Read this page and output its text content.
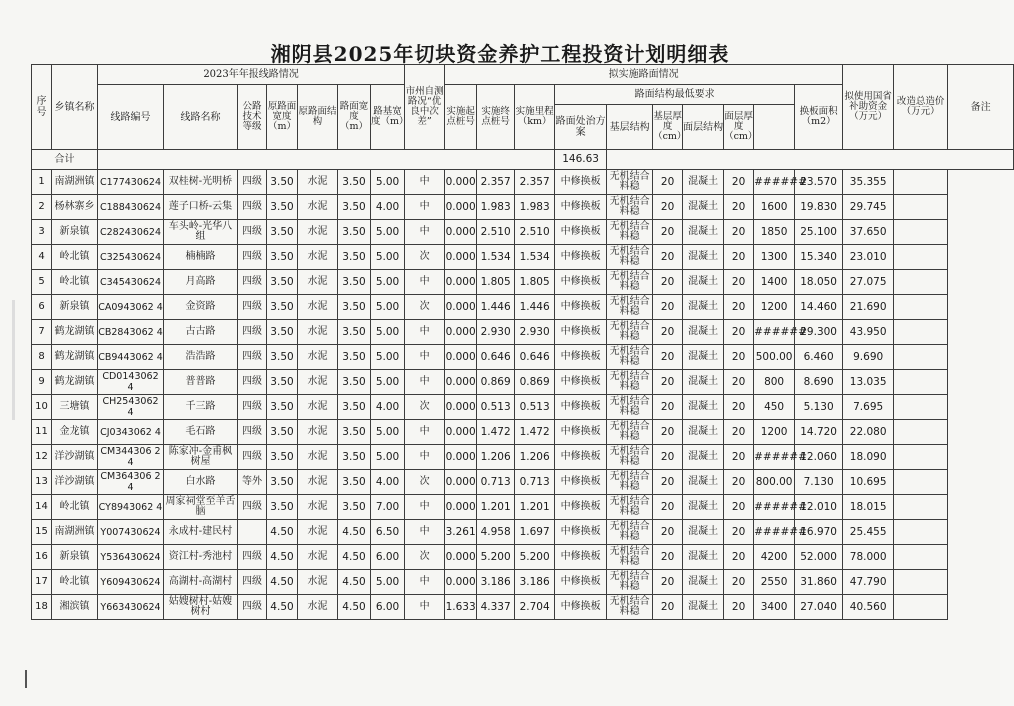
湘阴县2025年切块资金养护工程投资计划明细表
序号	乡镇名称	2023年年报线路情况							市州自测路况“优良中次差”	拟实施路面情况										拟使用国省补助资金（万元）	改造总造价（万元）	备注
		线路编号	线路名称	公路技术等级	原路面宽度（m）	原路面结构	路面宽度（m）	路基宽度（m）		实施起点桩号	实施终点桩号	实施里程（km）	路面结构最低要求						换板面积（m2）			
													路面处治方案	基层结构	基层厚度（cm）	面层结构	面层厚度（cm）					
合计													146.63									
1	南湖洲镇	C177430624	双桂树-光明桥	四级	3.50	水泥	3.50	5.00	中	0.000	2.357	2.357	中修换板	无机结合料稳	20	混凝土	20	######	23.570	35.355		
2	杨林寨乡	C188430624	莲子口桥-云集	四级	3.50	水泥	3.50	4.00	中	0.000	1.983	1.983	中修换板	无机结合料稳	20	混凝土	20	1600	19.830	29.745		
3	新泉镇	C282430624	车头岭-光华八组	四级	3.50	水泥	3.50	5.00	中	0.000	2.510	2.510	中修换板	无机结合料稳	20	混凝土	20	1850	25.100	37.650		
4	岭北镇	C325430624	楠楠路	四级	3.50	水泥	3.50	5.00	次	0.000	1.534	1.534	中修换板	无机结合料稳	20	混凝土	20	1300	15.340	23.010		
5	岭北镇	C345430624	月高路	四级	3.50	水泥	3.50	5.00	中	0.000	1.805	1.805	中修换板	无机结合料稳	20	混凝土	20	1400	18.050	27.075		
6	新泉镇	CA0943062 4	金资路	四级	3.50	水泥	3.50	5.00	次	0.000	1.446	1.446	中修换板	无机结合料稳	20	混凝土	20	1200	14.460	21.690		
7	鹤龙湖镇	CB2843062 4	古古路	四级	3.50	水泥	3.50	5.00	中	0.000	2.930	2.930	中修换板	无机结合料稳	20	混凝土	20	######	29.300	43.950		
8	鹤龙湖镇	CB9443062 4	浩浩路	四级	3.50	水泥	3.50	5.00	中	0.000	0.646	0.646	中修换板	无机结合料稳	20	混凝土	20	500.00	6.460	9.690		
9	鹤龙湖镇	CD0143062 4	普普路	四级	3.50	水泥	3.50	5.00	中	0.000	0.869	0.869	中修换板	无机结合料稳	20	混凝土	20	800	8.690	13.035		
10	三塘镇	CH2543062 4	千三路	四级	3.50	水泥	3.50	4.00	次	0.000	0.513	0.513	中修换板	无机结合料稳	20	混凝土	20	450	5.130	7.695		
11	金龙镇	CJ0343062 4	毛石路	四级	3.50	水泥	3.50	5.00	中	0.000	1.472	1.472	中修换板	无机结合料稳	20	混凝土	20	1200	14.720	22.080		
12	洋沙湖镇	CM344306 24	陈家冲-金甫枫树屋	四级	3.50	水泥	3.50	5.00	中	0.000	1.206	1.206	中修换板	无机结合料稳	20	混凝土	20	######	12.060	18.090		
13	洋沙湖镇	CM364306 24	白水路	等外	3.50	水泥	3.50	4.00	次	0.000	0.713	0.713	中修换板	无机结合料稳	20	混凝土	20	800.00	7.130	10.695		
14	岭北镇	CY8943062 4	周家祠堂至羊舌脑	四级	3.50	水泥	3.50	7.00	中	0.000	1.201	1.201	中修换板	无机结合料稳	20	混凝土	20	######	12.010	18.015		
15	南湖洲镇	Y007430624	永成村-建民村		4.50	水泥	4.50	6.50	中	3.261	4.958	1.697	中修换板	无机结合料稳	20	混凝土	20	######	16.970	25.455		
16	新泉镇	Y536430624	资江村-秀池村	四级	4.50	水泥	4.50	6.00	次	0.000	5.200	5.200	中修换板	无机结合料稳	20	混凝土	20	4200	52.000	78.000		
17	岭北镇	Y609430624	高湖村-高湖村	四级	4.50	水泥	4.50	5.00	中	0.000	3.186	3.186	中修换板	无机结合料稳	20	混凝土	20	2550	31.860	47.790		
18	湘滨镇	Y663430624	姑嫂树村-姑嫂树村	四级	4.50	水泥	4.50	6.00	中	1.633	4.337	2.704	中修换板	无机结合料稳	20	混凝土	20	3400	27.040	40.560		
